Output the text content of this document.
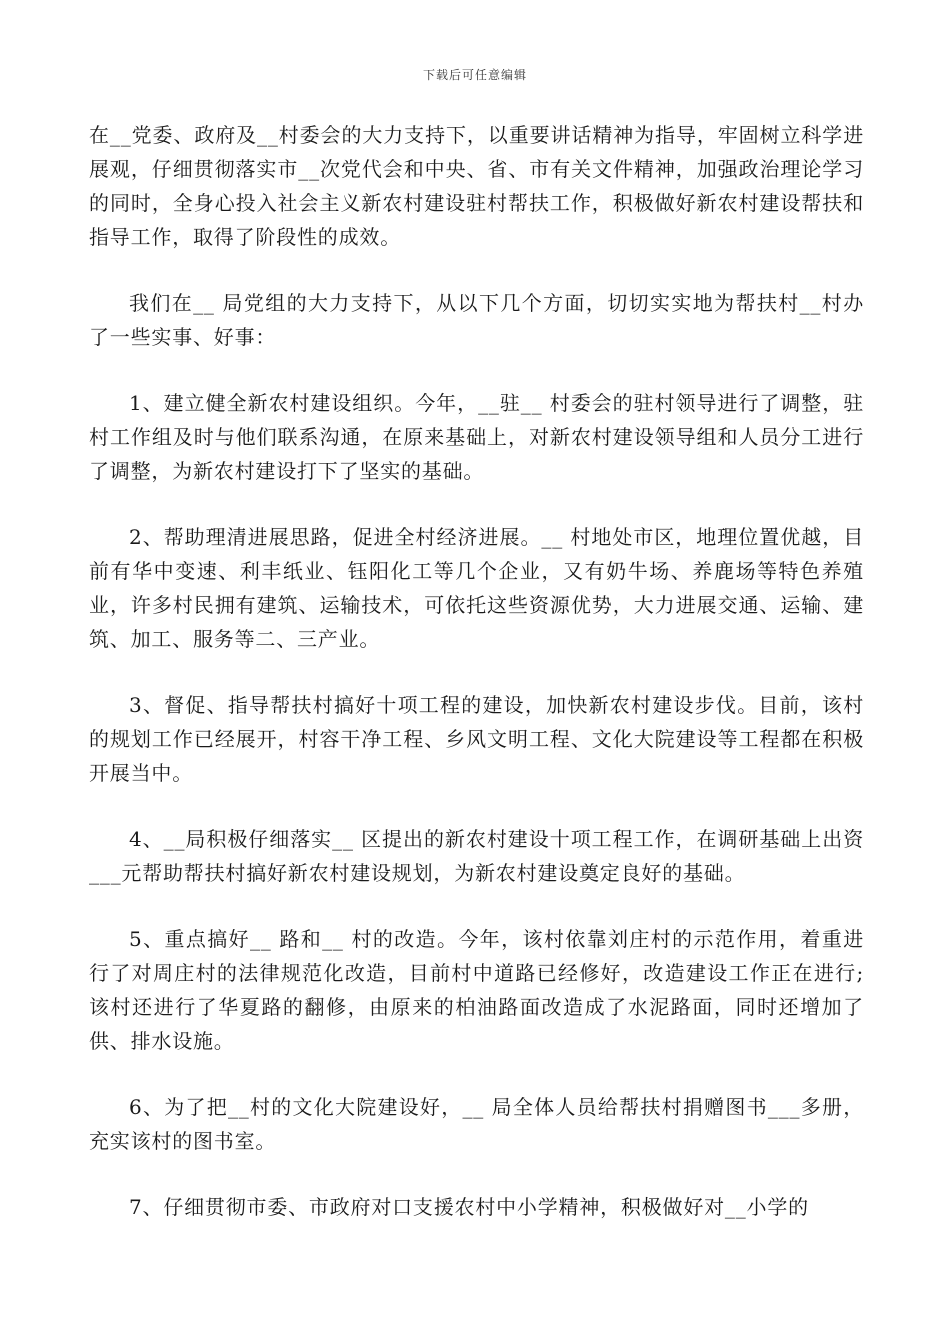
下载后可任意编辑

在__党委、政府及__村委会的大力支持下，以重要讲话精神为指导，牢固树立科学进展观，仔细贯彻落实市__次党代会和中央、省、市有关文件精神，加强政治理论学习的同时，全身心投入社会主义新农村建设驻村帮扶工作，积极做好新农村建设帮扶和指导工作，取得了阶段性的成效。

我们在__ 局党组的大力支持下，从以下几个方面，切切实实地为帮扶村__村办了一些实事、好事：

1、建立健全新农村建设组织。今年，__驻__ 村委会的驻村领导进行了调整，驻村工作组及时与他们联系沟通，在原来基础上，对新农村建设领导组和人员分工进行了调整，为新农村建设打下了坚实的基础。

2、帮助理清进展思路，促进全村经济进展。__ 村地处市区，地理位置优越，目前有华中变速、利丰纸业、钰阳化工等几个企业，又有奶牛场、养鹿场等特色养殖业，许多村民拥有建筑、运输技术，可依托这些资源优势，大力进展交通、运输、建筑、加工、服务等二、三产业。

3、督促、指导帮扶村搞好十项工程的建设，加快新农村建设步伐。目前，该村的规划工作已经展开，村容干净工程、乡风文明工程、文化大院建设等工程都在积极开展当中。

4、__局积极仔细落实__ 区提出的新农村建设十项工程工作，在调研基础上出资___元帮助帮扶村搞好新农村建设规划，为新农村建设奠定良好的基础。

5、重点搞好__ 路和__ 村的改造。今年，该村依靠刘庄村的示范作用，着重进行了对周庄村的法律规范化改造，目前村中道路已经修好，改造建设工作正在进行;该村还进行了华夏路的翻修，由原来的柏油路面改造成了水泥路面，同时还增加了供、排水设施。

6、为了把__村的文化大院建设好，__ 局全体人员给帮扶村捐赠图书___多册，充实该村的图书室。

7、仔细贯彻市委、市政府对口支援农村中小学精神，积极做好对__小学的
